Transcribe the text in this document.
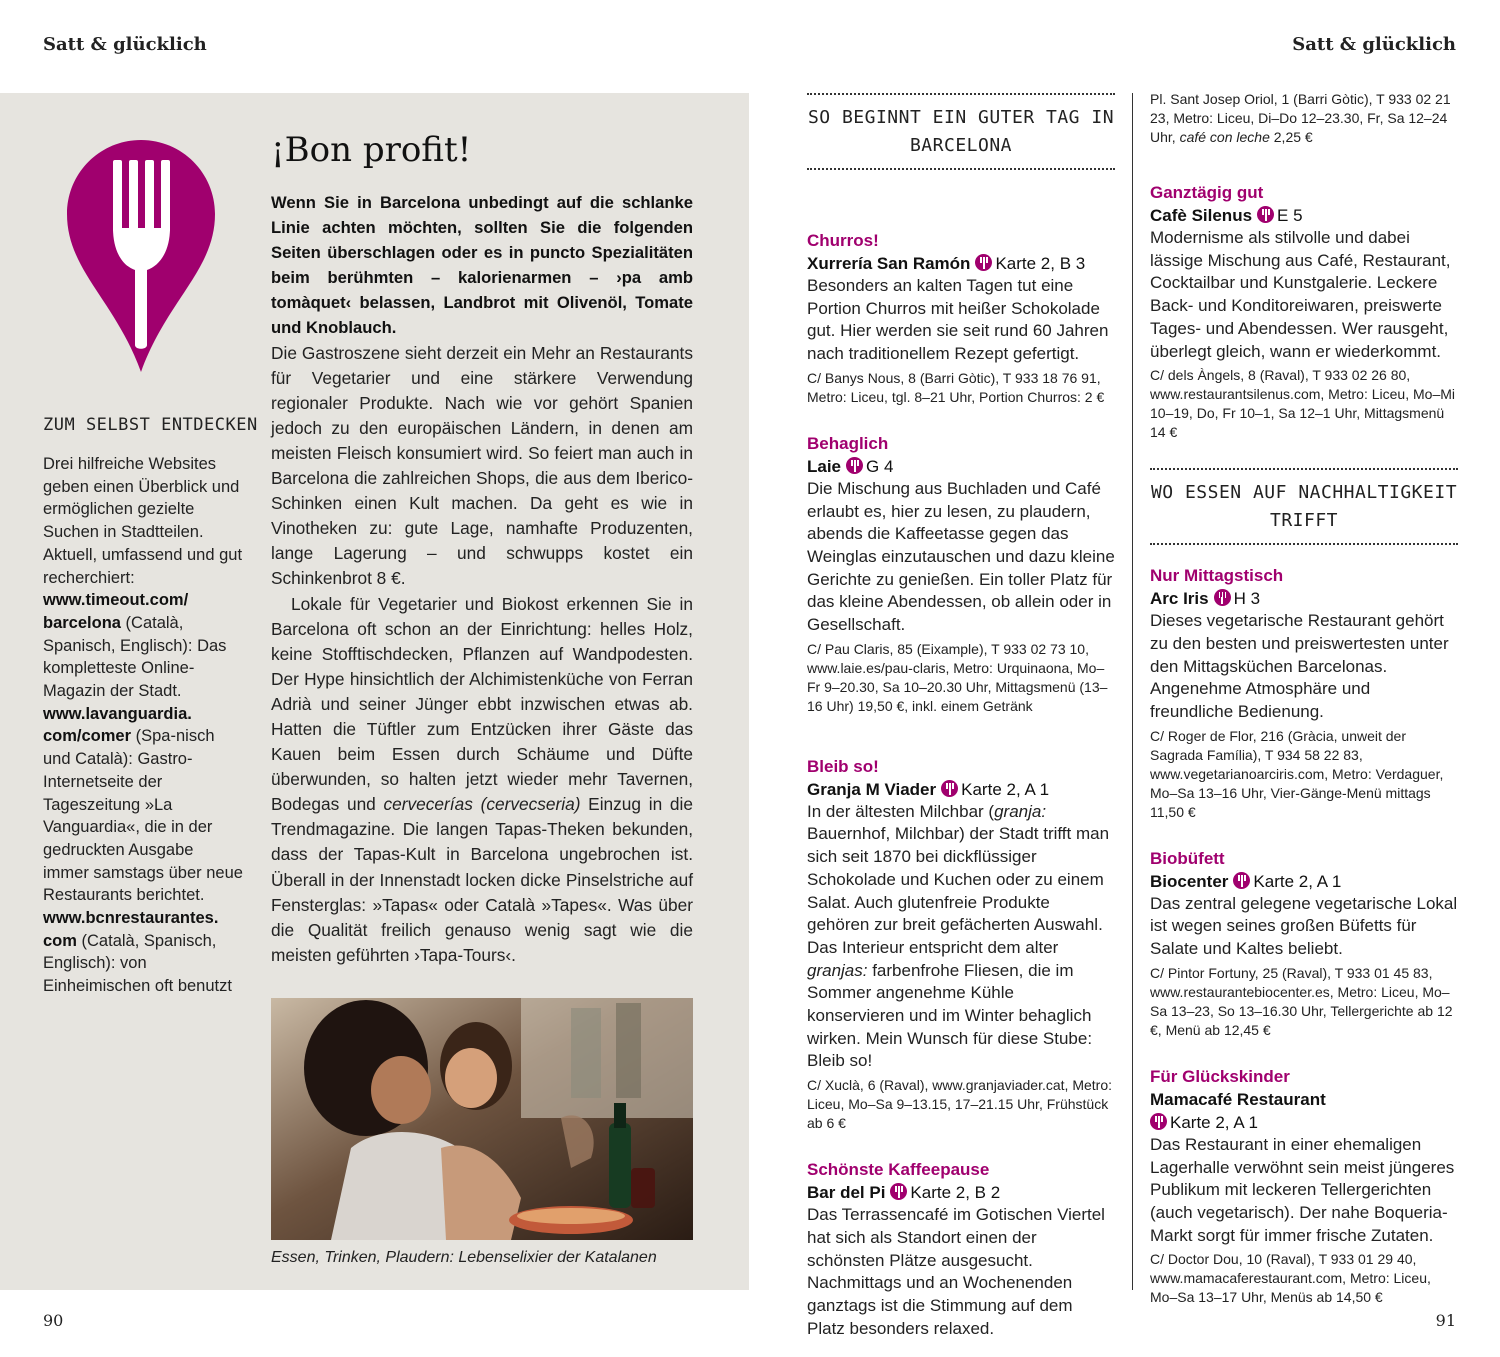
Satt & glücklich	Satt & glücklich
ZUM SELBST ENTDECKEN
Drei hilfreiche Websites geben einen Überblick und ermöglichen gezielte Suchen in Stadtteilen. Aktuell, umfassend und gut recherchiert: www.timeout.com/ barcelona (Català, Spanisch, Englisch): Das kompletteste Online-Magazin der Stadt. www.lavanguardia. com/comer (Spa-nisch und Català): Gastro-Internetseite der Tageszeitung »La Vanguardia«, die in der gedruckten Ausgabe immer samstags über neue Restaurants berichtet. www.bcnrestaurantes. com (Català, Spanisch, Englisch): von Einheimischen oft benutzt
¡Bon profit!
Wenn Sie in Barcelona unbedingt auf die schlanke Linie achten möchten, sollten Sie die folgenden Seiten überschlagen oder es in puncto Spezialitäten beim berühmten – kalorienarmen – ›pa amb tomàquet‹ belassen, Landbrot mit Olivenöl, Tomate und Knoblauch.

Die Gastroszene sieht derzeit ein Mehr an Restaurants für Vegetarier und eine stärkere Verwendung regionaler Produkte. Nach wie vor gehört Spanien jedoch zu den europäischen Ländern, in denen am meisten Fleisch konsumiert wird. So feiert man auch in Barcelona die zahlreichen Shops, die aus dem Iberico-Schinken einen Kult machen. Da geht es wie in Vinotheken zu: gute Lage, namhafte Produzenten, lange Lagerung – und schwupps kostet ein Schinkenbrot 8 €.

Lokale für Vegetarier und Biokost erkennen Sie in Barcelona oft schon an der Einrichtung: helles Holz, keine Stofftischdecken, Pflanzen auf Wandpodesten. Der Hype hinsichtlich der Alchimistenküche von Ferran Adrià und seiner Jünger ebbt inzwischen etwas ab. Hatten die Tüftler zum Entzücken ihrer Gäste das Kauen beim Essen durch Schäume und Düfte überwunden, so halten jetzt wieder mehr Tavernen, Bodegas und cervecerías (cervecseria) Einzug in die Trendmagazine. Die langen Tapas-Theken bekunden, dass der Tapas-Kult in Barcelona ungebrochen ist. Überall in der Innenstadt locken dicke Pinselstriche auf Fensterglas: »Tapas« oder Català »Tapes«. Was über die Qualität freilich genauso wenig sagt wie die meisten geführten ›Tapa-Tours‹.

Essen, Trinken, Plaudern: Lebenselixier der Katalanen
SO BEGINNT EIN GUTER TAG IN BARCELONA
Churros!
Xurrería San Ramón Karte 2, B 3
Besonders an kalten Tagen tut eine Portion Churros mit heißer Schokolade gut. Hier werden sie seit rund 60 Jahren nach traditionellem Rezept gefertigt.
C/ Banys Nous, 8 (Barri Gòtic), T 933 18 76 91, Metro: Liceu, tgl. 8–21 Uhr, Portion Churros: 2 €
Behaglich
Laie G 4
Die Mischung aus Buchladen und Café erlaubt es, hier zu lesen, zu plaudern, abends die Kaffeetasse gegen das Weinglas einzutauschen und dazu kleine Gerichte zu genießen. Ein toller Platz für das kleine Abendessen, ob allein oder in Gesellschaft.
C/ Pau Claris, 85 (Eixample), T 933 02 73 10, www.laie.es/pau-claris, Metro: Urquinaona, Mo–Fr 9–20.30, Sa 10–20.30 Uhr, Mittagsmenü (13–16 Uhr) 19,50 €, inkl. einem Getränk
Bleib so!
Granja M Viader Karte 2, A 1
In der ältesten Milchbar (granja: Bauernhof, Milchbar) der Stadt trifft man sich seit 1870 bei dickflüssiger Schokolade und Kuchen oder zu einem Salat. Auch glutenfreie Produkte gehören zur breit gefächerten Auswahl. Das Interieur entspricht dem alter granjas: farbenfrohe Fliesen, die im Sommer angenehme Kühle konservieren und im Winter behaglich wirken. Mein Wunsch für diese Stube: Bleib so!
C/ Xuclà, 6 (Raval), www.granjaviader.cat, Metro: Liceu, Mo–Sa 9–13.15, 17–21.15 Uhr, Frühstück ab 6 €
Schönste Kaffeepause
Bar del Pi Karte 2, B 2
Das Terrassencafé im Gotischen Viertel hat sich als Standort einen der schönsten Plätze ausgesucht. Nachmittags und an Wochenenden ganztags ist die Stimmung auf dem Platz besonders relaxed.
Pl. Sant Josep Oriol, 1 (Barri Gòtic), T 933 02 21 23, Metro: Liceu, Di–Do 12–23.30, Fr, Sa 12–24 Uhr, café con leche 2,25 €
Ganztägig gut
Cafè Silenus E 5
Modernisme als stilvolle und dabei lässige Mischung aus Café, Restaurant, Cocktailbar und Kunstgalerie. Leckere Back- und Konditoreiwaren, preiswerte Tages- und Abendessen. Wer rausgeht, überlegt gleich, wann er wiederkommt.
C/ dels Àngels, 8 (Raval), T 933 02 26 80, www.restaurantsilenus.com, Metro: Liceu, Mo–Mi 10–19, Do, Fr 10–1, Sa 12–1 Uhr, Mittagsmenü 14 €
WO ESSEN AUF NACHHALTIGKEIT TRIFFT
Nur Mittagstisch
Arc Iris H 3
Dieses vegetarische Restaurant gehört zu den besten und preiswertesten unter den Mittagsküchen Barcelonas. Angenehme Atmosphäre und freundliche Bedienung.
C/ Roger de Flor, 216 (Gràcia, unweit der Sagrada Família), T 934 58 22 83, www.vegetarianoarciris.com, Metro: Verdaguer, Mo–Sa 13–16 Uhr, Vier-Gänge-Menü mittags 11,50 €
Biobüfett
Biocenter Karte 2, A 1
Das zentral gelegene vegetarische Lokal ist wegen seines großen Büfetts für Salate und Kaltes beliebt.
C/ Pintor Fortuny, 25 (Raval), T 933 01 45 83, www.restaurantebiocenter.es, Metro: Liceu, Mo–Sa 13–23, So 13–16.30 Uhr, Tellergerichte ab 12 €, Menü ab 12,45 €
Für Glückskinder
Mamacafé Restaurant
Karte 2, A 1
Das Restaurant in einer ehemaligen Lagerhalle verwöhnt sein meist jüngeres Publikum mit leckeren Tellergerichten (auch vegetarisch). Der nahe Boqueria-Markt sorgt für immer frische Zutaten.
C/ Doctor Dou, 10 (Raval), T 933 01 29 40, www.mamacaferestaurant.com, Metro: Liceu, Mo–Sa 13–17 Uhr, Menüs ab 14,50 €
90	91
